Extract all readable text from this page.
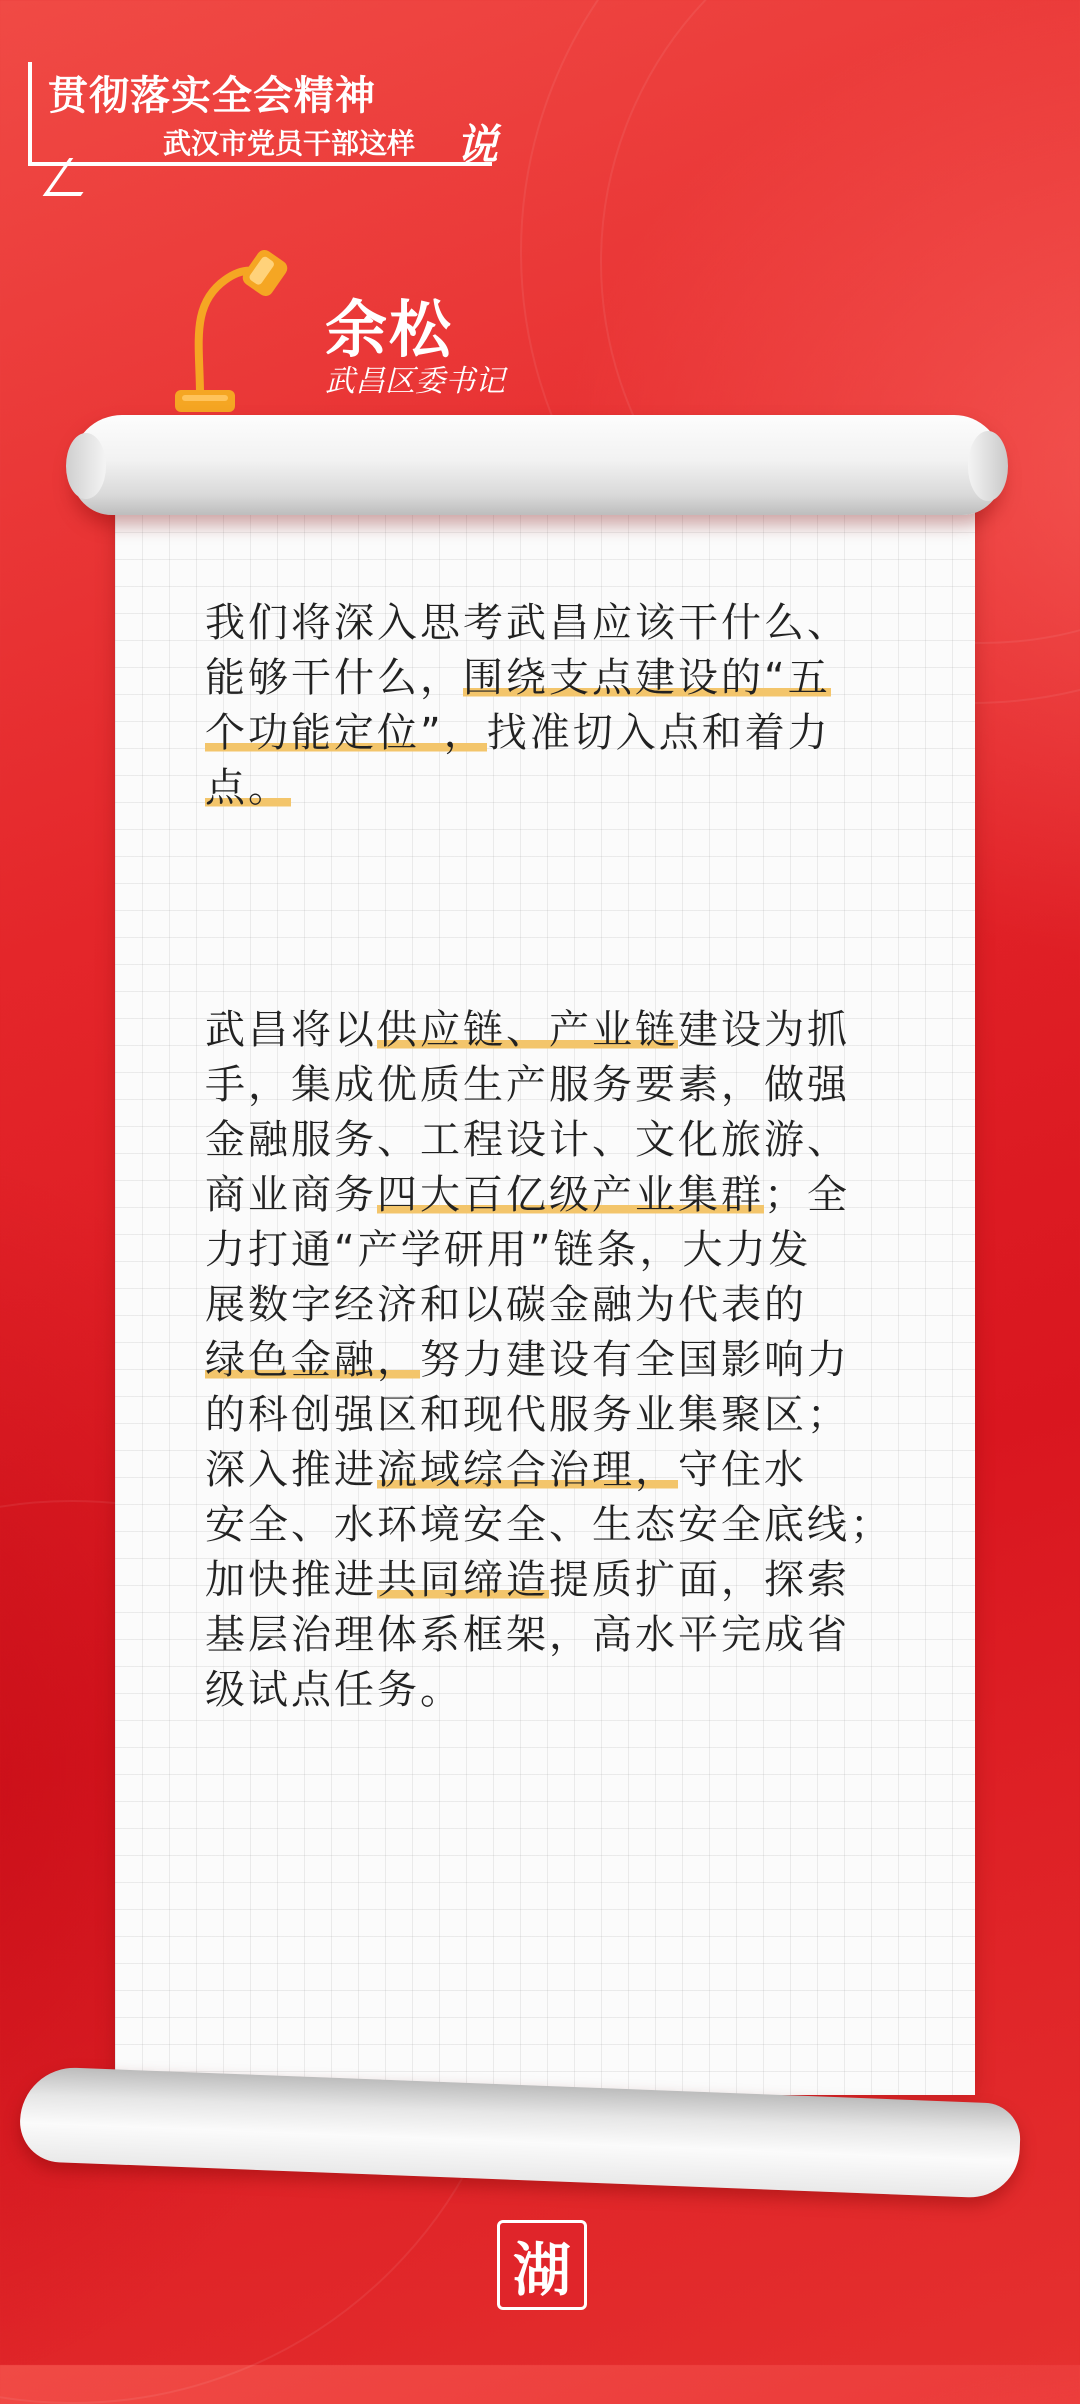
贯彻落实全会精神
武汉市党员干部这样 说
余松
武昌区委书记
我们将深入思考武昌应该干什么、
能够干什么，围绕支点建设的“五
个功能定位”，找准切入点和着力
点。
武昌将以供应链、产业链建设为抓
手，集成优质生产服务要素，做强
金融服务、工程设计、文化旅游、
商业商务四大百亿级产业集群；全
力打通“产学研用”链条，大力发
展数字经济和以碳金融为代表的
绿色金融，努力建设有全国影响力
的科创强区和现代服务业集聚区；
深入推进流域综合治理，守住水
安全、水环境安全、生态安全底线；
加快推进共同缔造提质扩面，探索
基层治理体系框架，高水平完成省
级试点任务。
湖
